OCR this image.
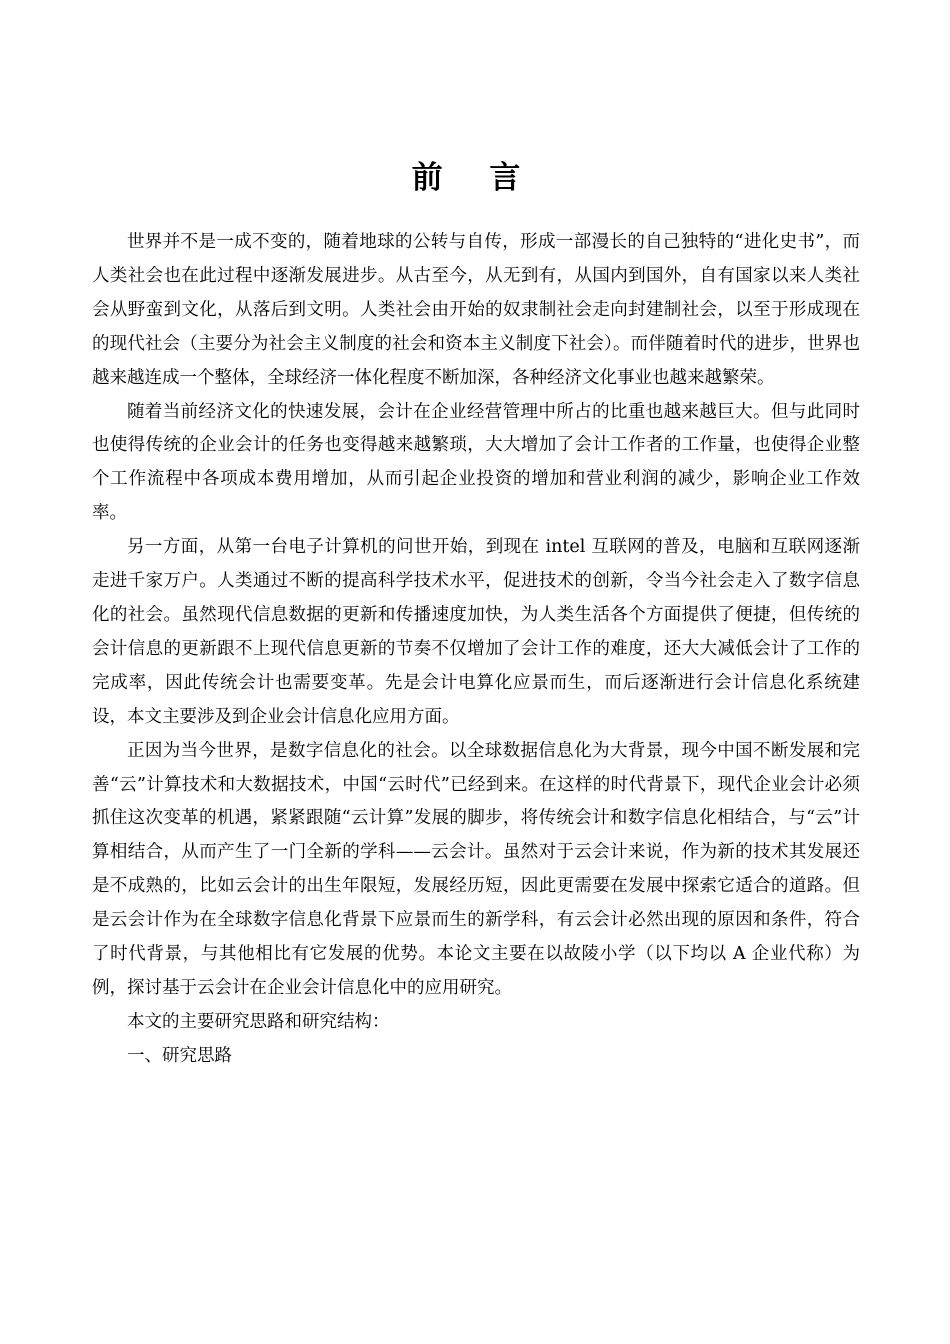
前 言

世界并不是一成不变的，随着地球的公转与自传，形成一部漫长的自己独特的“进化史书”，而人类社会也在此过程中逐渐发展进步。从古至今，从无到有，从国内到国外，自有国家以来人类社会从野蛮到文化，从落后到文明。人类社会由开始的奴隶制社会走向封建制社会，以至于形成现在的现代社会（主要分为社会主义制度的社会和资本主义制度下社会）。而伴随着时代的进步，世界也越来越连成一个整体，全球经济一体化程度不断加深，各种经济文化事业也越来越繁荣。

随着当前经济文化的快速发展，会计在企业经营管理中所占的比重也越来越巨大。但与此同时也使得传统的企业会计的任务也变得越来越繁琐，大大增加了会计工作者的工作量，也使得企业整个工作流程中各项成本费用增加，从而引起企业投资的增加和营业利润的减少，影响企业工作效率。

另一方面，从第一台电子计算机的问世开始，到现在 intel 互联网的普及，电脑和互联网逐渐走进千家万户。人类通过不断的提高科学技术水平，促进技术的创新，令当今社会走入了数字信息化的社会。虽然现代信息数据的更新和传播速度加快，为人类生活各个方面提供了便捷，但传统的会计信息的更新跟不上现代信息更新的节奏不仅增加了会计工作的难度，还大大减低会计了工作的完成率，因此传统会计也需要变革。先是会计电算化应景而生，而后逐渐进行会计信息化系统建设，本文主要涉及到企业会计信息化应用方面。

正因为当今世界，是数字信息化的社会。以全球数据信息化为大背景，现今中国不断发展和完善“云”计算技术和大数据技术，中国“云时代”已经到来。在这样的时代背景下，现代企业会计必须抓住这次变革的机遇，紧紧跟随“云计算”发展的脚步，将传统会计和数字信息化相结合，与“云”计算相结合，从而产生了一门全新的学科——云会计。虽然对于云会计来说，作为新的技术其发展还是不成熟的，比如云会计的出生年限短，发展经历短，因此更需要在发展中探索它适合的道路。但是云会计作为在全球数字信息化背景下应景而生的新学科，有云会计必然出现的原因和条件，符合了时代背景，与其他相比有它发展的优势。本论文主要在以故陵小学（以下均以 A 企业代称）为例，探讨基于云会计在企业会计信息化中的应用研究。

本文的主要研究思路和研究结构：

一、研究思路
